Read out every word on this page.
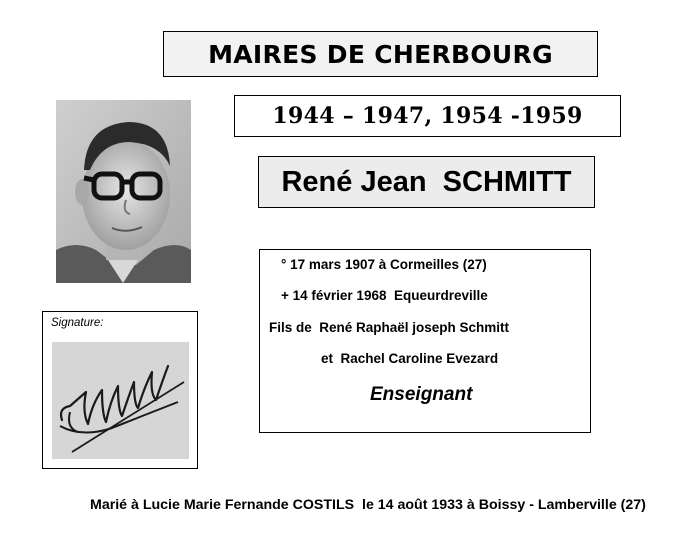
MAIRES DE CHERBOURG
1944 – 1947, 1954 -1959
René Jean  SCHMITT
° 17 mars 1907 à Cormeilles (27)
+ 14 février 1968  Equeurdreville
Fils de  René Raphaël joseph Schmitt
et  Rachel Caroline Evezard
Enseignant
Signature:
Marié à Lucie Marie Fernande COSTILS  le 14 août 1933 à Boissy - Lamberville (27)
